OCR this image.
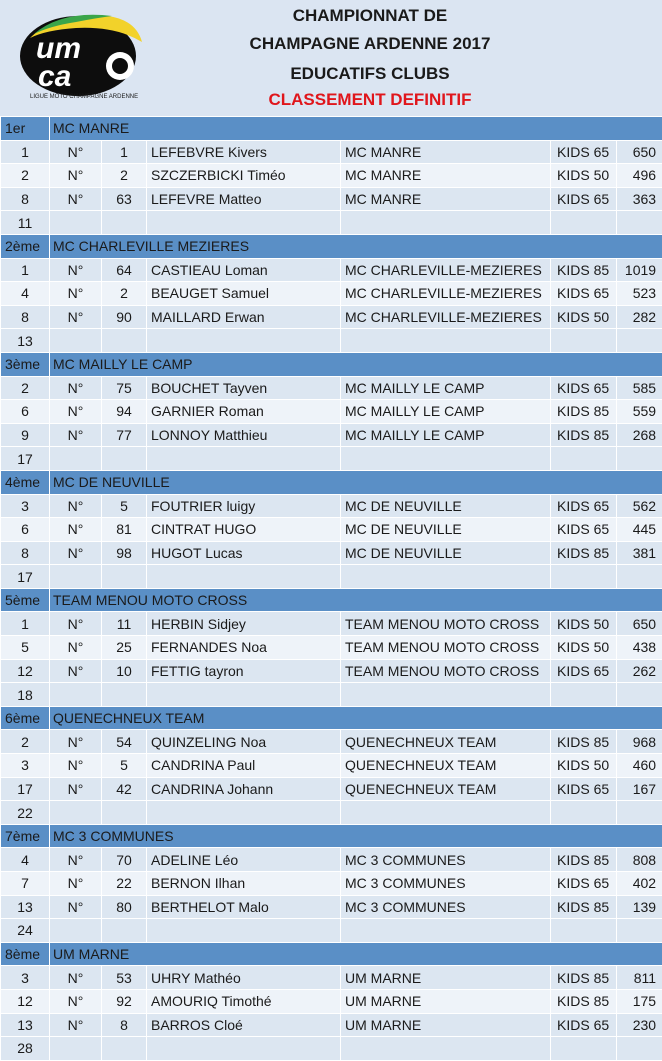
um
ca
LIGUE MOTO CHAMPAGNE ARDENNE
CHAMPIONNAT DE
CHAMPAGNE ARDENNE 2017
EDUCATIFS CLUBS
CLASSEMENT DEFINITIF
1er	MC MANRE					
1	N°	1	LEFEBVRE Kivers	MC MANRE	KIDS 65	650
2	N°	2	SZCZERBICKI Timéo	MC MANRE	KIDS 50	496
8	N°	63	LEFEVRE Matteo	MC MANRE	KIDS 65	363
11						
2ème	MC CHARLEVILLE MEZIERES					
1	N°	64	CASTIEAU Loman	MC CHARLEVILLE-MEZIERES	KIDS 85	1019
4	N°	2	BEAUGET Samuel	MC CHARLEVILLE-MEZIERES	KIDS 65	523
8	N°	90	MAILLARD Erwan	MC CHARLEVILLE-MEZIERES	KIDS 50	282
13						
3ème	MC MAILLY LE CAMP					
2	N°	75	BOUCHET Tayven	MC MAILLY LE CAMP	KIDS 65	585
6	N°	94	GARNIER Roman	MC MAILLY LE CAMP	KIDS 85	559
9	N°	77	LONNOY Matthieu	MC MAILLY LE CAMP	KIDS 85	268
17						
4ème	MC DE NEUVILLE					
3	N°	5	FOUTRIER luigy	MC DE NEUVILLE	KIDS 65	562
6	N°	81	CINTRAT HUGO	MC DE NEUVILLE	KIDS 65	445
8	N°	98	HUGOT Lucas	MC DE NEUVILLE	KIDS 85	381
17						
5ème	TEAM MENOU MOTO CROSS					
1	N°	11	HERBIN Sidjey	TEAM MENOU MOTO CROSS	KIDS 50	650
5	N°	25	FERNANDES Noa	TEAM MENOU MOTO CROSS	KIDS 50	438
12	N°	10	FETTIG tayron	TEAM MENOU MOTO CROSS	KIDS 65	262
18						
6ème	QUENECHNEUX TEAM					
2	N°	54	QUINZELING Noa	QUENECHNEUX TEAM	KIDS 85	968
3	N°	5	CANDRINA Paul	QUENECHNEUX TEAM	KIDS 50	460
17	N°	42	CANDRINA Johann	QUENECHNEUX TEAM	KIDS 65	167
22						
7ème	MC 3 COMMUNES					
4	N°	70	ADELINE Léo	MC 3 COMMUNES	KIDS 85	808
7	N°	22	BERNON Ilhan	MC 3 COMMUNES	KIDS 65	402
13	N°	80	BERTHELOT Malo	MC 3 COMMUNES	KIDS 85	139
24						
8ème	UM MARNE					
3	N°	53	UHRY Mathéo	UM MARNE	KIDS 85	811
12	N°	92	AMOURIQ Timothé	UM MARNE	KIDS 85	175
13	N°	8	BARROS Cloé	UM MARNE	KIDS 65	230
28						
